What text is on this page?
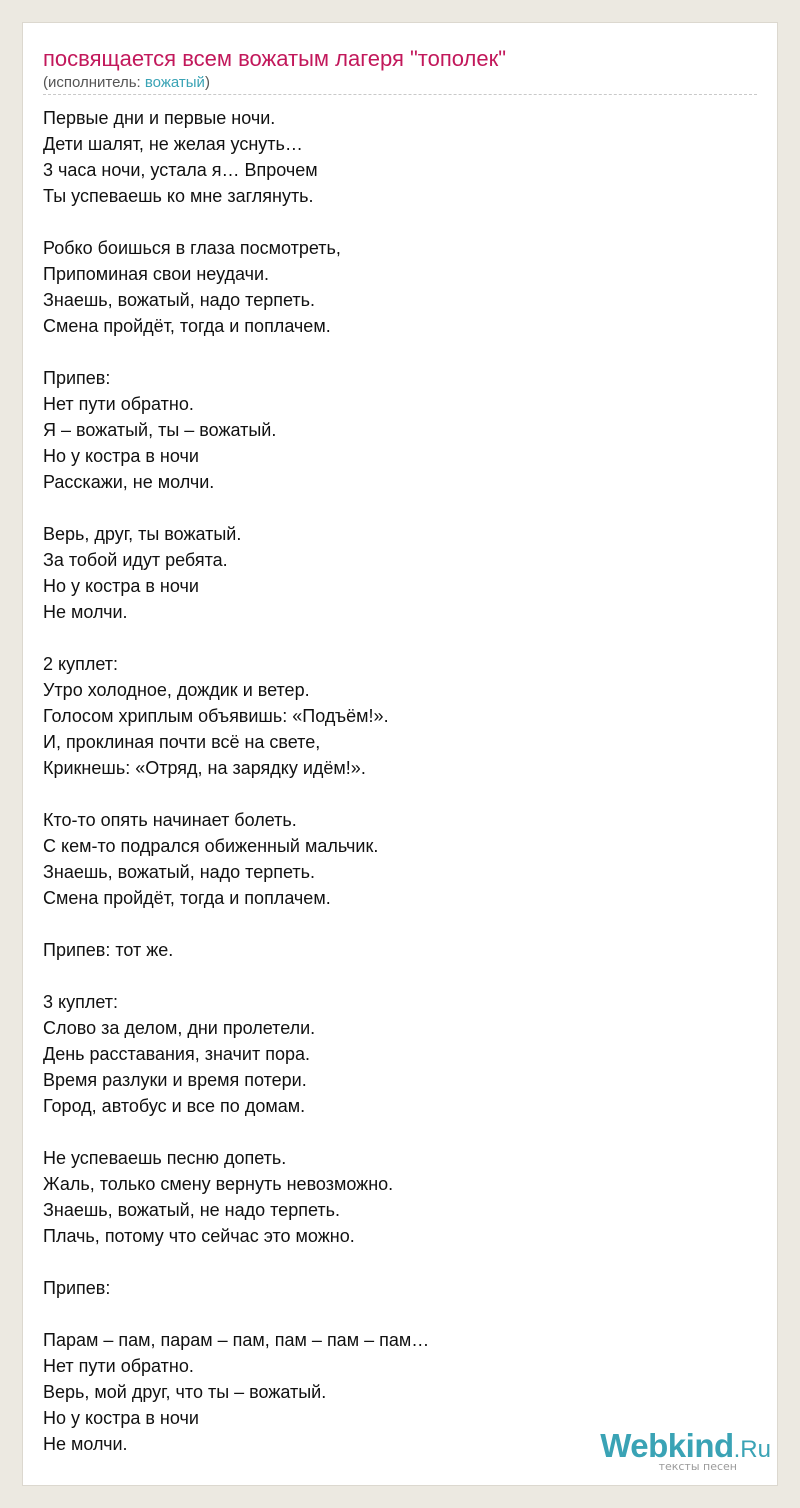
посвящается всем вожатым лагеря "тополек"
(исполнитель: вожатый)
Первые дни и первые ночи.
Дети шалят, не желая уснуть…
3 часа ночи, устала я… Впрочем
Ты успеваешь ко мне заглянуть.

Робко боишься в глаза посмотреть,
Припоминая свои неудачи.
Знаешь, вожатый, надо терпеть.
Смена пройдёт, тогда и поплачем.

Припев:
Нет пути обратно.
Я – вожатый, ты – вожатый.
Но у костра в ночи
Расскажи, не молчи.

Верь, друг, ты вожатый.
За тобой идут ребята.
Но у костра в ночи
Не молчи.

2 куплет:
Утро холодное, дождик и ветер.
Голосом хриплым объявишь: «Подъём!».
И, проклиная почти всё на свете,
Крикнешь: «Отряд, на зарядку идём!».

Кто-то опять начинает болеть.
С кем-то подрался обиженный мальчик.
Знаешь, вожатый, надо терпеть.
Смена пройдёт, тогда и поплачем.

Припев: тот же.

3 куплет:
Слово за делом, дни пролетели.
День расставания, значит пора.
Время разлуки и время потери.
Город, автобус и все по домам.

Не успеваешь песню допеть.
Жаль, только смену вернуть невозможно.
Знаешь, вожатый, не надо терпеть.
Плачь, потому что сейчас это можно.

Припев:

Парам – пам, парам – пам, пам – пам – пам…
Нет пути обратно.
Верь, мой друг, что ты – вожатый.
Но у костра в ночи
Не молчи.	Webkind.Ru
тексты песен
